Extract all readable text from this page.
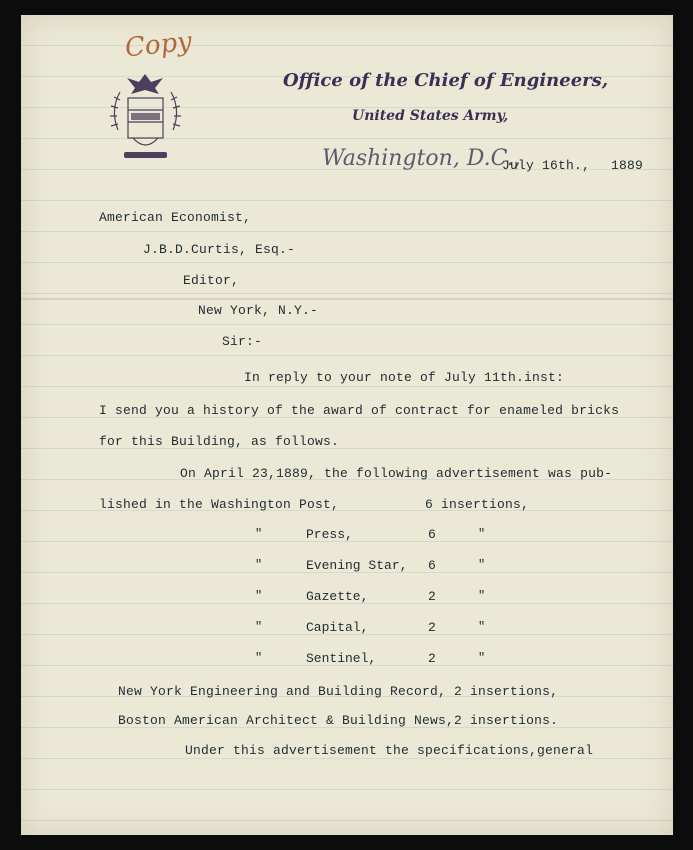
Copy
Office of the Chief of Engineers,
United States Army,
Washington, D.C.,
July 16th., 1889
American Economist,
J.B.D.Curtis, Esq.-
Editor,
New York, N.Y.-
Sir:-
In reply to your note of July 11th.inst:
I send you a history of the award of contract for enameled bricks
for this Building, as follows.
On April 23,1889, the following advertisement was pub-
lished in the Washington Post,	6 insertions,
"	Press,	6	"
"	Evening Star, 6	"
"	Gazette,	2	"
"	Capital,	2	"
"	Sentinel,	2	"
New York Engineering and Building Record, 2 insertions,
Boston American Architect & Building News,2 insertions.
Under this advertisement the specifications,general
